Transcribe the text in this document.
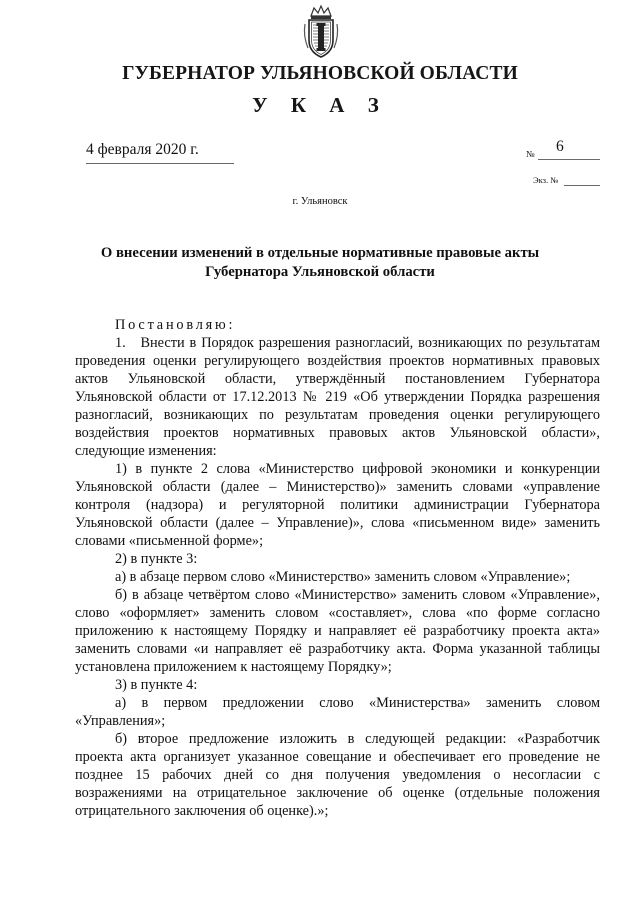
ГУБЕРНАТОР УЛЬЯНОВСКОЙ ОБЛАСТИ
У К А З
4 февраля 2020 г.	№ 6
Экз. №
г. Ульяновск
О внесении изменений в отдельные нормативные правовые акты
Губернатора Ульяновской области

Постановляю:

1.   Внести в Порядок разрешения разногласий, возникающих по результатам проведения оценки регулирующего воздействия проектов нормативных правовых актов Ульяновской области, утверждённый постановлением Губернатора Ульяновской области от 17.12.2013 № 219 «Об утверждении Порядка разрешения разногласий, возникающих по результатам проведения оценки регулирующего воздействия проектов нормативных правовых актов Ульяновской области», следующие изменения:

1) в пункте 2 слова «Министерство цифровой экономики и конкуренции Ульяновской области (далее – Министерство)» заменить словами «управление контроля (надзора) и регуляторной политики администрации Губернатора Ульяновской области (далее – Управление)», слова «письменном виде» заменить словами «письменной форме»;

2) в пункте 3:

а) в абзаце первом слово «Министерство» заменить словом «Управление»;

б) в абзаце четвёртом слово «Министерство» заменить словом «Управление», слово «оформляет» заменить словом «составляет», слова «по форме согласно приложению к настоящему Порядку и направляет её разработчику проекта акта» заменить словами «и направляет её разработчику акта. Форма указанной таблицы установлена приложением к настоящему Порядку»;

3) в пункте 4:

а) в первом предложении слово «Министерства» заменить словом «Управления»;

б) второе предложение изложить в следующей редакции: «Разработчик проекта акта организует указанное совещание и обеспечивает его проведение не позднее 15 рабочих дней со дня получения уведомления о несогласии с возражениями на отрицательное заключение об оценке (отдельные положения отрицательного заключения об оценке).»;
